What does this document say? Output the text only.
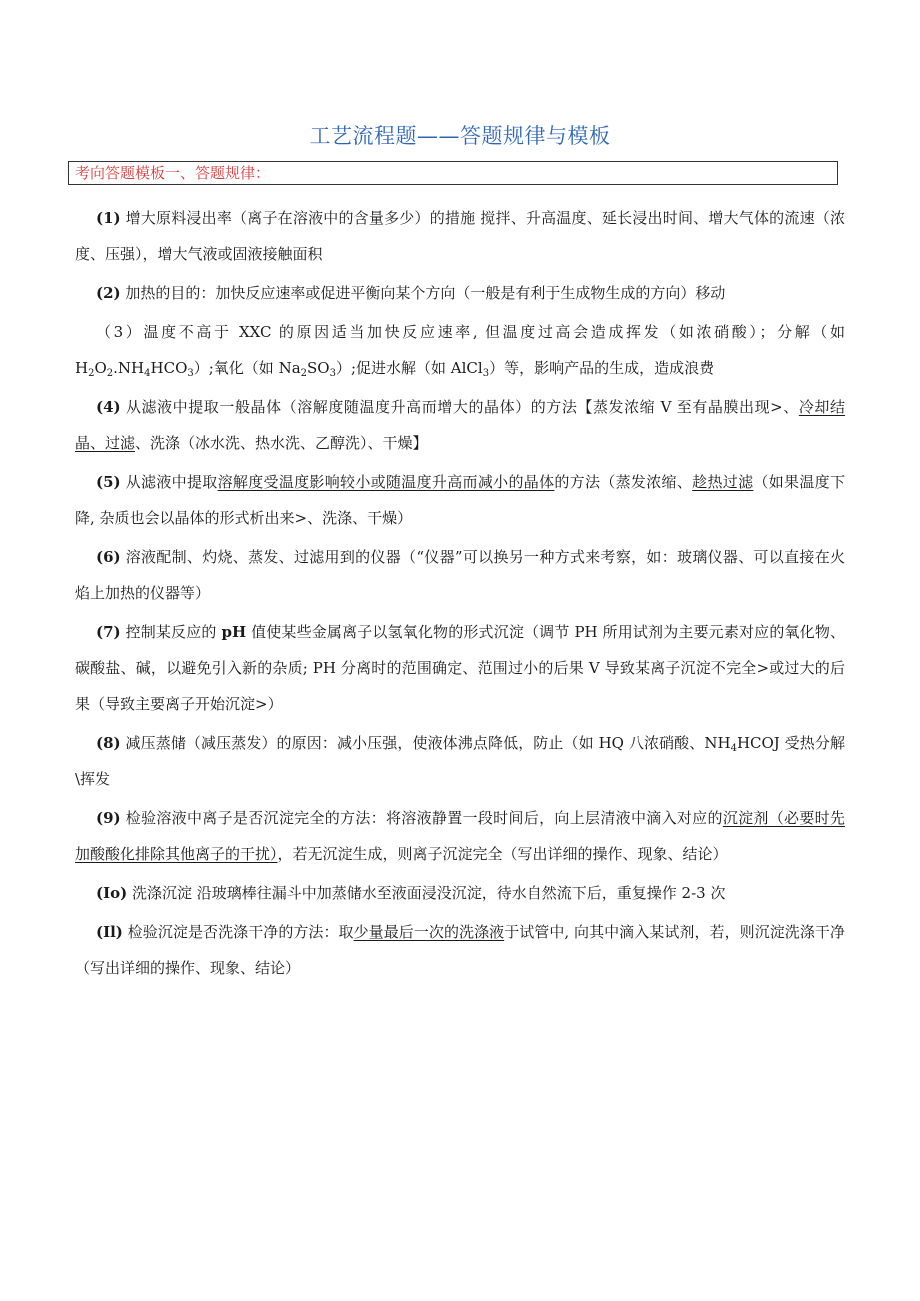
工艺流程题——答题规律与模板
考向答题模板一、答题规律：

(1) 增大原料浸出率（离子在溶液中的含量多少）的措施 搅拌、升高温度、延长浸出时间、增大气体的流速（浓度、压强），增大气液或固液接触面积

(2) 加热的目的：加快反应速率或促进平衡向某个方向（一般是有利于生成物生成的方向）移动

（3）温度不高于 XXC 的原因适当加快反应速率, 但温度过高会造成挥发（如浓硝酸）；分解（如 $H_2O_2.NH_4HCO_3$）;氧化（如 $Na_2SO_3$）;促进水解（如 AlCl$_3$）等，影响产品的生成，造成浪费

(4) 从滤液中提取一般晶体（溶解度随温度升高而增大的晶体）的方法【蒸发浓缩 V 至有晶膜出现>、冷却结晶、过滤、洗涤（冰水洗、热水洗、乙醇洗）、干燥】

(5) 从滤液中提取溶解度受温度影响较小或随温度升高而减小的晶体的方法（蒸发浓缩、趁热过滤（如果温度下降, 杂质也会以晶体的形式析出来>、洗涤、干燥）

(6) 溶液配制、灼烧、蒸发、过滤用到的仪器（“仪器”可以换另一种方式来考察，如：玻璃仪器、可以直接在火焰上加热的仪器等）

(7) 控制某反应的 pH 值使某些金属离子以氢氧化物的形式沉淀（调节 PH 所用试剂为主要元素对应的氧化物、碳酸盐、碱，以避免引入新的杂质; PH 分离时的范围确定、范围过小的后果 V 导致某离子沉淀不完全>或过大的后果（导致主要离子开始沉淀>）

(8) 减压蒸储（减压蒸发）的原因：减小压强，使液体沸点降低，防止（如 HQ 八浓硝酸、$NH_4HCOJ$ 受热分解\挥发

(9) 检验溶液中离子是否沉淀完全的方法：将溶液静置一段时间后，向上层清液中滴入对应的沉淀剂（必要时先加酸酸化排除其他离子的干扰），若无沉淀生成，则离子沉淀完全（写出详细的操作、现象、结论）

(Io) 洗涤沉淀 沿玻璃棒往漏斗中加蒸储水至液面浸没沉淀，待水自然流下后，重复操作 2-3 次

(Il) 检验沉淀是否洗涤干净的方法：取少量最后一次的洗涤液于试管中, 向其中滴入某试剂，若，则沉淀洗涤干净（写出详细的操作、现象、结论）
